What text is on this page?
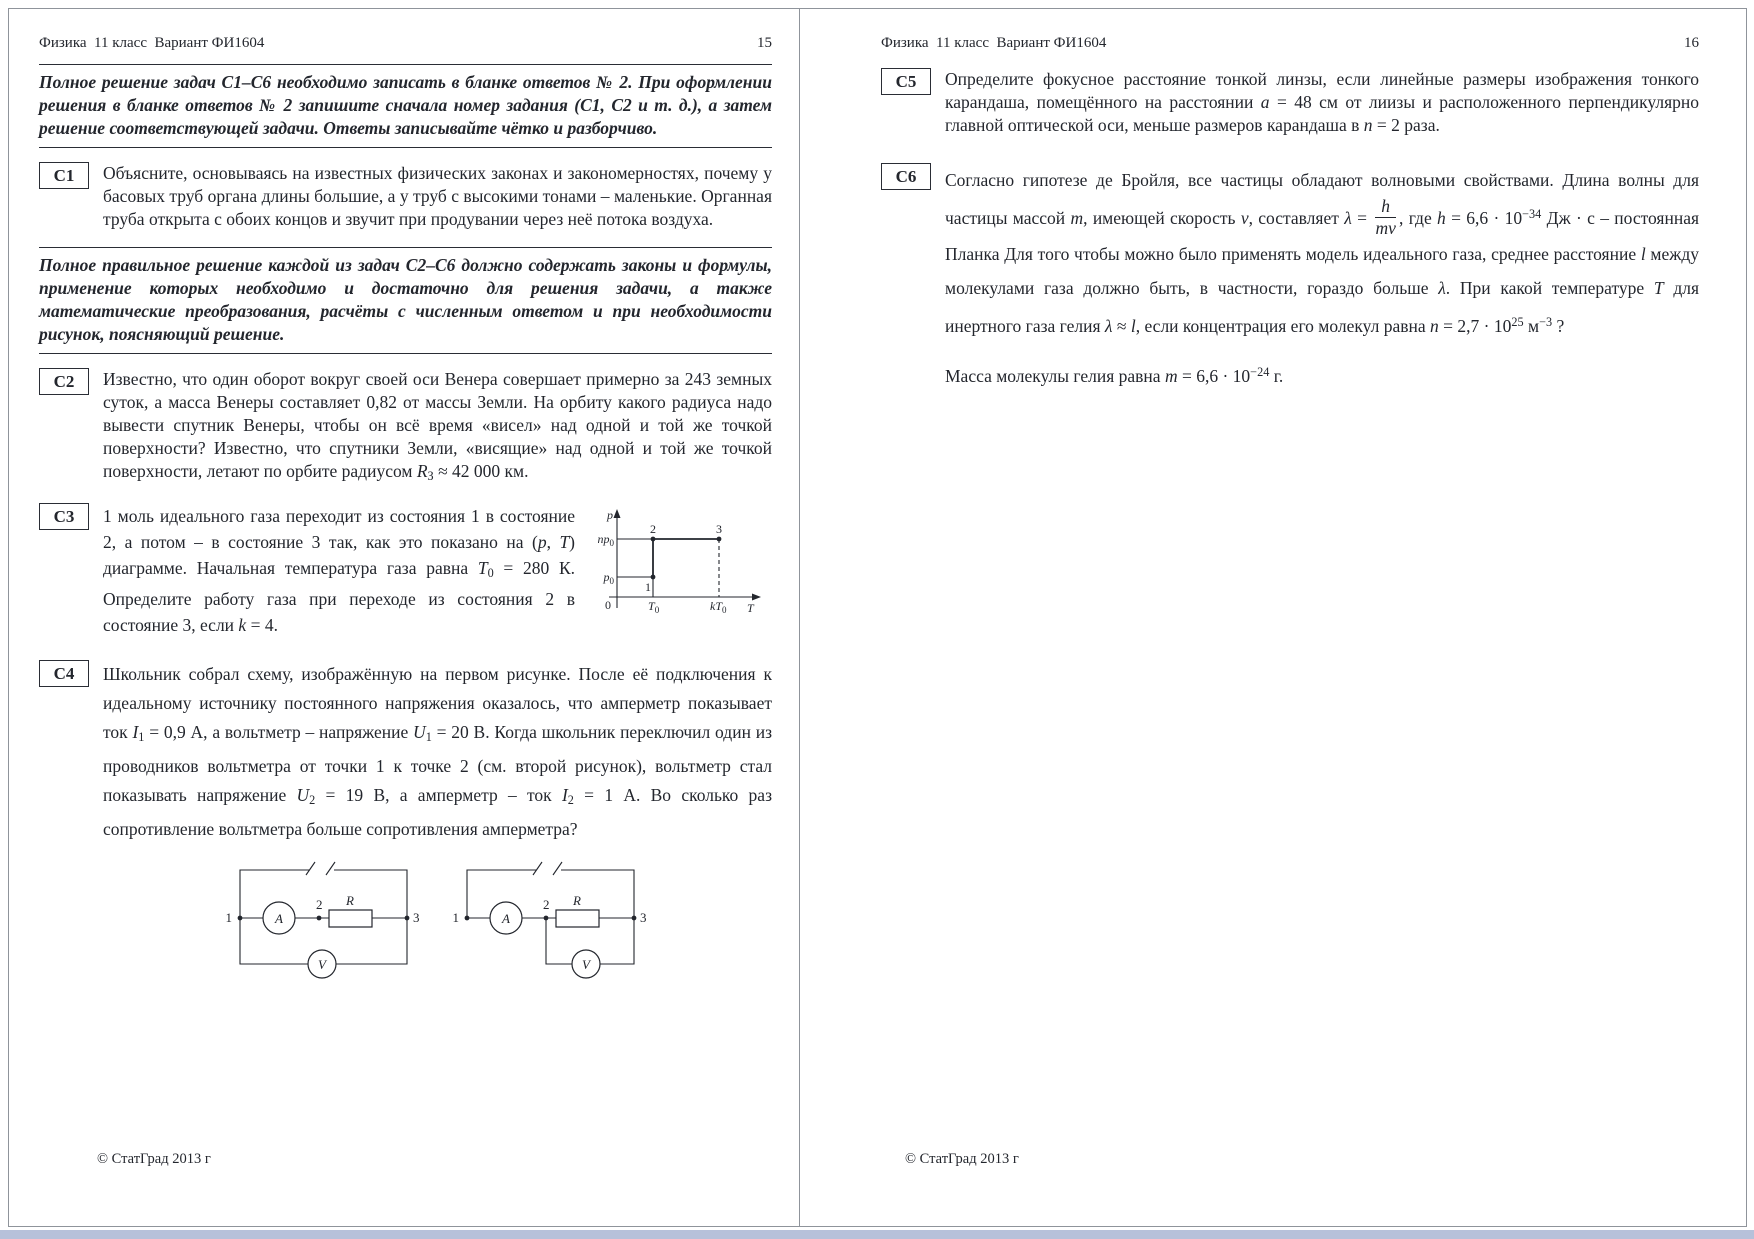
Физика  11 класс  Вариант ФИ1604	15
Полное решение задач С1–С6 необходимо записать в бланке ответов № 2. При оформлении решения в бланке ответов № 2 запишите сначала номер задания (С1, С2 и т. д.), а затем решение соответствующей задачи. Ответы записывайте чётко и разборчиво.
С1	Объясните, основываясь на известных физических законах и закономерностях, почему у басовых труб органа длины большие, а у труб с высокими тонами – маленькие. Органная труба открыта с обоих концов и звучит при продувании через неё потока воздуха.
Полное правильное решение каждой из задач С2–С6 должно содержать законы и формулы, применение которых необходимо и достаточно для решения задачи, а также математические преобразования, расчёты с численным ответом и при необходимости рисунок, поясняющий решение.
С2	Известно, что один оборот вокруг своей оси Венера совершает примерно за 243 земных суток, а масса Венеры составляет 0,82 от массы Земли. На орбиту какого радиуса надо вывести спутник Венеры, чтобы он всё время «висел» над одной и той же точкой поверхности? Известно, что спутники Земли, «висящие» над одной и той же точкой поверхности, летают по орбите радиусом $R_З \approx 42$ 000 км.
С3	p
T
$np_0$
$p_0$
0	$T_0$	$kT_0$
2	3
1
1 моль идеального газа переходит из состояния 1 в состояние 2, а потом – в состояние 3 так, как это показано на (p, T) диаграмме. Начальная температура газа равна $T_0 = 280$ К. Определите работу газа при переходе из состояния 2 в состояние 3, если k = 4.
С4	Школьник собрал схему, изображённую на первом рисунке. После её подключения к идеальному источнику постоянного напряжения оказалось, что амперметр показывает ток $I_1 = 0,9$ А, а вольтметр – напряжение $U_1 = 20$ В. Когда школьник переключил один из проводников вольтметра от точки 1 к точке 2 (см. второй рисунок), вольтметр стал показывать напряжение $U_2 = 19$ В, а амперметр – ток $I_2 = 1$ А. Во сколько раз сопротивление вольтметра больше сопротивления амперметра?
A
R
V
1
2
3	A
R
V
1
2
3
© СтатГрад 2013 г
Физика  11 класс  Вариант ФИ1604	16
С5	Определите фокусное расстояние тонкой линзы, если линейные размеры изображения тонкого карандаша, помещённого на расстоянии a = 48 см от лиизы и расположенного перпендикулярно главной оптической оси, меньше размеров карандаша в n = 2 раза.
С6	Согласно гипотезе де Бройля, все частицы обладают волновыми свойствами. Длина волны для частицы массой m, имеющей скорость v, составляет $\lambda = \frac{h}{mv}$ , где $h = 6,6 \cdot 10^{-34}$ Дж · с – постоянная Планка Для того чтобы можно было применять модель идеального газа, среднее расстояние l между молекулами газа должно быть, в частности, гораздо больше λ. При какой температуре T для инертного газа гелия λ ≈ l, если концентрация его молекул равна $n = 2,7 \cdot 10^{25}$ $м^{-3}$ ?
Масса молекулы гелия равна $m = 6,6 \cdot 10^{-24}$ г.
© СтатГрад 2013 г
